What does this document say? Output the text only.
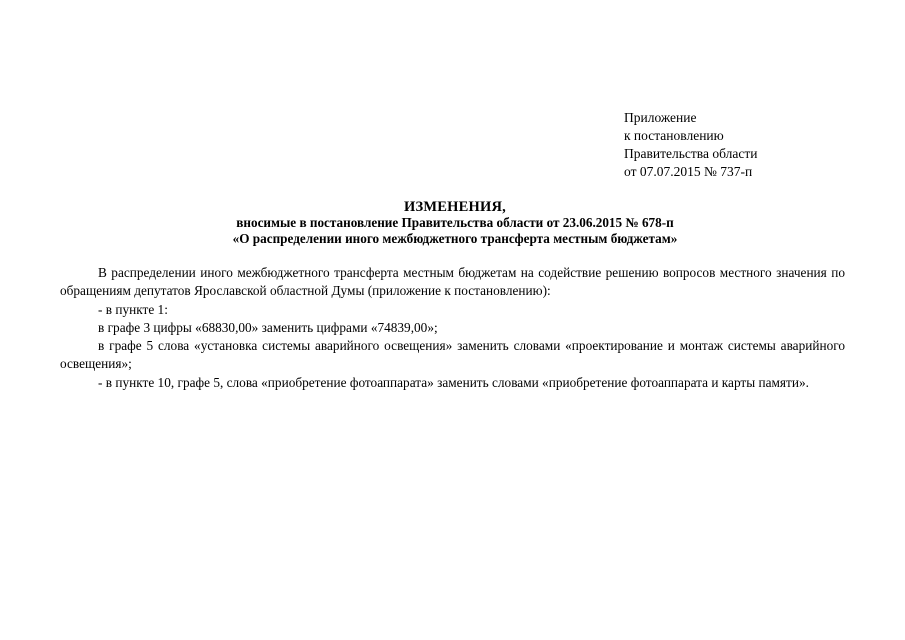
Приложение
к постановлению
Правительства области
от 07.07.2015 № 737-п
ИЗМЕНЕНИЯ,
вносимые в постановление Правительства области от 23.06.2015 № 678-п
«О распределении иного межбюджетного трансферта местным бюджетам»

В распределении иного межбюджетного трансферта местным бюджетам на содействие решению вопросов местного значения по обращениям депутатов Ярославской областной Думы (приложение к постановлению):

- в пункте 1:

в графе 3 цифры «68830,00» заменить цифрами «74839,00»;

в графе 5 слова «установка системы аварийного освещения» заменить словами «проектирование и монтаж системы аварийного освещения»;

- в пункте 10, графе 5, слова «приобретение фотоаппарата» заменить словами «приобретение фотоаппарата и карты памяти».
